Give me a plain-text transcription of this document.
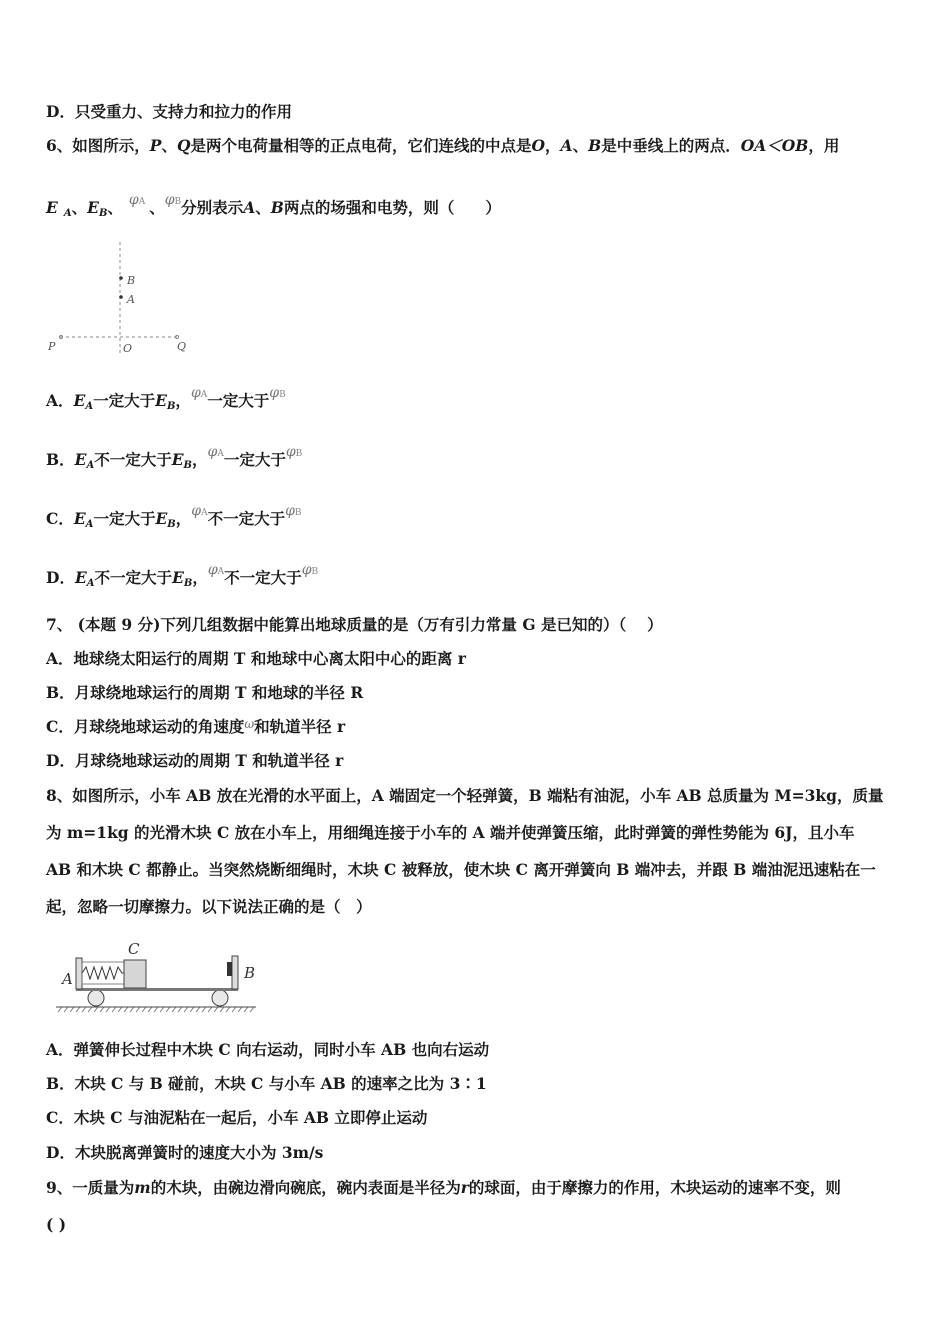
D．只受重力、支持力和拉力的作用
6、如图所示，P、Q是两个电荷量相等的正点电荷，它们连线的中点是O，A、B是中垂线上的两点．OA＜OB，用
E $_A$、$E_B$、 φA 、φB分别表示A、B两点的场强和电势，则（　　）
B
A
P	O	Q
A．$E_A$一定大于$E_B$，φA一定大于φB
B．$E_A$不一定大于$E_B$，φA一定大于φB
C．$E_A$一定大于$E_B$，φA不一定大于φB
D．$E_A$不一定大于$E_B$，φA不一定大于φB
7、 (本题 9 分)下列几组数据中能算出地球质量的是（万有引力常量 G 是已知的）（　 ）
A．地球绕太阳运行的周期 T 和地球中心离太阳中心的距离 r
B．月球绕地球运行的周期 T 和地球的半径 R
C．月球绕地球运动的角速度$^\omega$和轨道半径 r
D．月球绕地球运动的周期 T 和轨道半径 r
8、如图所示，小车 AB 放在光滑的水平面上，A 端固定一个轻弹簧，B 端粘有油泥，小车 AB 总质量为 M=3kg，质量
为 m=1kg 的光滑木块 C 放在小车上，用细绳连接于小车的 A 端并使弹簧压缩，此时弹簧的弹性势能为 6J，且小车
AB 和木块 C 都静止。当突然烧断细绳时，木块 C 被释放，使木块 C 离开弹簧向 B 端冲去，并跟 B 端油泥迅速粘在一
起，忽略一切摩擦力。以下说法正确的是（　）
C
A	B
A．弹簧伸长过程中木块 C 向右运动，同时小车 AB 也向右运动
B．木块 C 与 B 碰前，木块 C 与小车 AB 的速率之比为 3∶1
C．木块 C 与油泥粘在一起后，小车 AB 立即停止运动
D．木块脱离弹簧时的速度大小为 3m/s
9、一质量为m的木块，由碗边滑向碗底，碗内表面是半径为r的球面，由于摩擦力的作用，木块运动的速率不变，则
( )
